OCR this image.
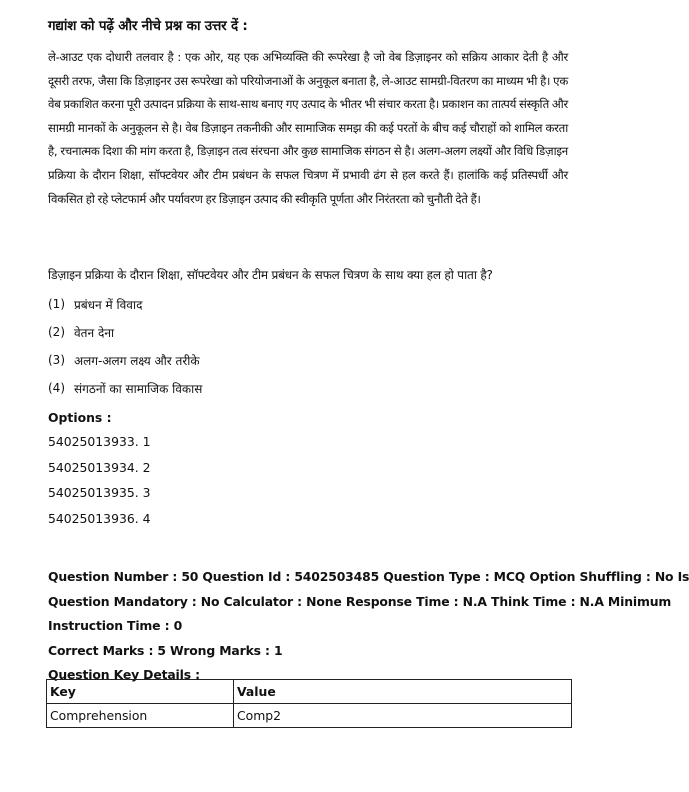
गद्यांश को पढ़ें और नीचे प्रश्न का उत्तर दें :
ले-आउट एक दोधारी तलवार है : एक ओर, यह एक अभिव्यक्ति की रूपरेखा है जो वेब डिज़ाइनर को सक्रिय आकार देती है और दूसरी तरफ, जैसा कि डिज़ाइनर उस रूपरेखा को परियोजनाओं के अनुकूल बनाता है, ले-आउट सामग्री-वितरण का माध्यम भी है। एक वेब प्रकाशित करना पूरी उत्पादन प्रक्रिया के साथ-साथ बनाए गए उत्पाद के भीतर भी संचार करता है। प्रकाशन का तात्पर्य संस्कृति और सामग्री मानकों के अनुकूलन से है। वेब डिज़ाइन तकनीकी और सामाजिक समझ की कई परतों के बीच कई चौराहों को शामिल करता है, रचनात्मक दिशा की मांग करता है, डिज़ाइन तत्व संरचना और कुछ सामाजिक संगठन से है। अलग-अलग लक्ष्यों और विधि डिज़ाइन प्रक्रिया के दौरान शिक्षा, सॉफ्टवेयर और टीम प्रबंधन के सफल चित्रण में प्रभावी ढंग से हल करते हैं। हालांकि कई प्रतिस्पर्धी और विकसित हो रहे प्लेटफार्म और पर्यावरण हर डिज़ाइन उत्पाद की स्वीकृति पूर्णता और निरंतरता को चुनौती देते हैं।
डिज़ाइन प्रक्रिया के दौरान शिक्षा, सॉफ्टवेयर और टीम प्रबंधन के सफल चित्रण के साथ क्या हल हो पाता है?
(1) प्रबंधन में विवाद
(2) वेतन देना
(3) अलग-अलग लक्ष्य और तरीके
(4) संगठनों का सामाजिक विकास
Options :
54025013933. 1
54025013934. 2
54025013935. 3
54025013936. 4
Question Number : 50 Question Id : 5402503485 Question Type : MCQ Option Shuffling : No Is
Question Mandatory : No Calculator : None Response Time : N.A Think Time : N.A Minimum
Instruction Time : 0
Correct Marks : 5 Wrong Marks : 1
Question Key Details :
Key	Value
Comprehension	Comp2
